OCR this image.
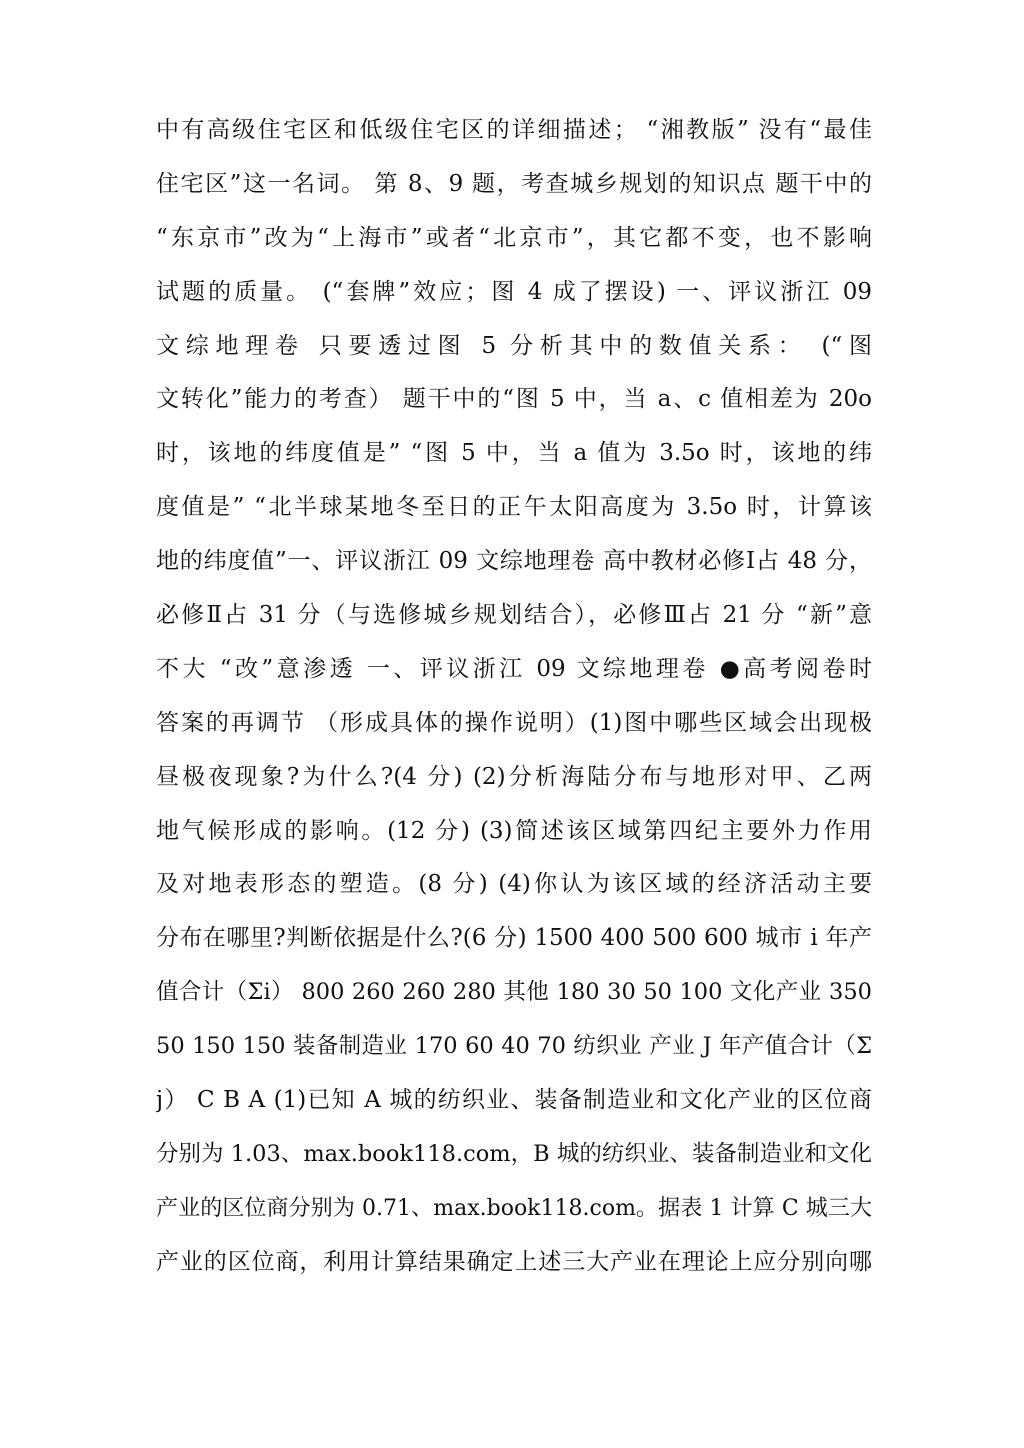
中有高级住宅区和低级住宅区的详细描述； “湘教版” 没有“最佳
住宅区”这一名词。 第 8、9 题，考查城乡规划的知识点 题干中的
“东京市”改为“上海市”或者“北京市”，其它都不变，也不影响
试题的质量。 (“套牌”效应；图 4 成了摆设) 一、评议浙江 09
文综地理卷 只要透过图 5 分析其中的数值关系： (“图
文转化”能力的考查） 题干中的“图 5 中，当 a、c 值相差为 20o
时，该地的纬度值是” “图 5 中，当 a 值为 3.5o 时，该地的纬
度值是” “北半球某地冬至日的正午太阳高度为 3.5o 时，计算该
地的纬度值”一、评议浙江 09 文综地理卷 高中教材必修Ⅰ占 48 分，
必修Ⅱ占 31 分（与选修城乡规划结合），必修Ⅲ占 21 分 “新”意
不大 “改”意渗透 一、评议浙江 09 文综地理卷 ●高考阅卷时
答案的再调节 （形成具体的操作说明）(1)图中哪些区域会出现极
昼极夜现象?为什么?(4 分) (2)分析海陆分布与地形对甲、乙两
地气候形成的影响。(12 分) (3)简述该区域第四纪主要外力作用
及对地表形态的塑造。(8 分) (4)你认为该区域的经济活动主要
分布在哪里?判断依据是什么?(6 分) 1500 400 500 600 城市 i 年产
值合计（Σi） 800 260 260 280 其他 180 30 50 100 文化产业 350
50 150 150 装备制造业 170 60 40 70 纺织业 产业 J 年产值合计（Σ
j） C B A (1)已知 A 城的纺织业、装备制造业和文化产业的区位商
分别为 1.03、max.book118.com，B 城的纺织业、装备制造业和文化
产业的区位商分别为 0.71、max.book118.com。据表 1 计算 C 城三大
产业的区位商，利用计算结果确定上述三大产业在理论上应分别向哪
